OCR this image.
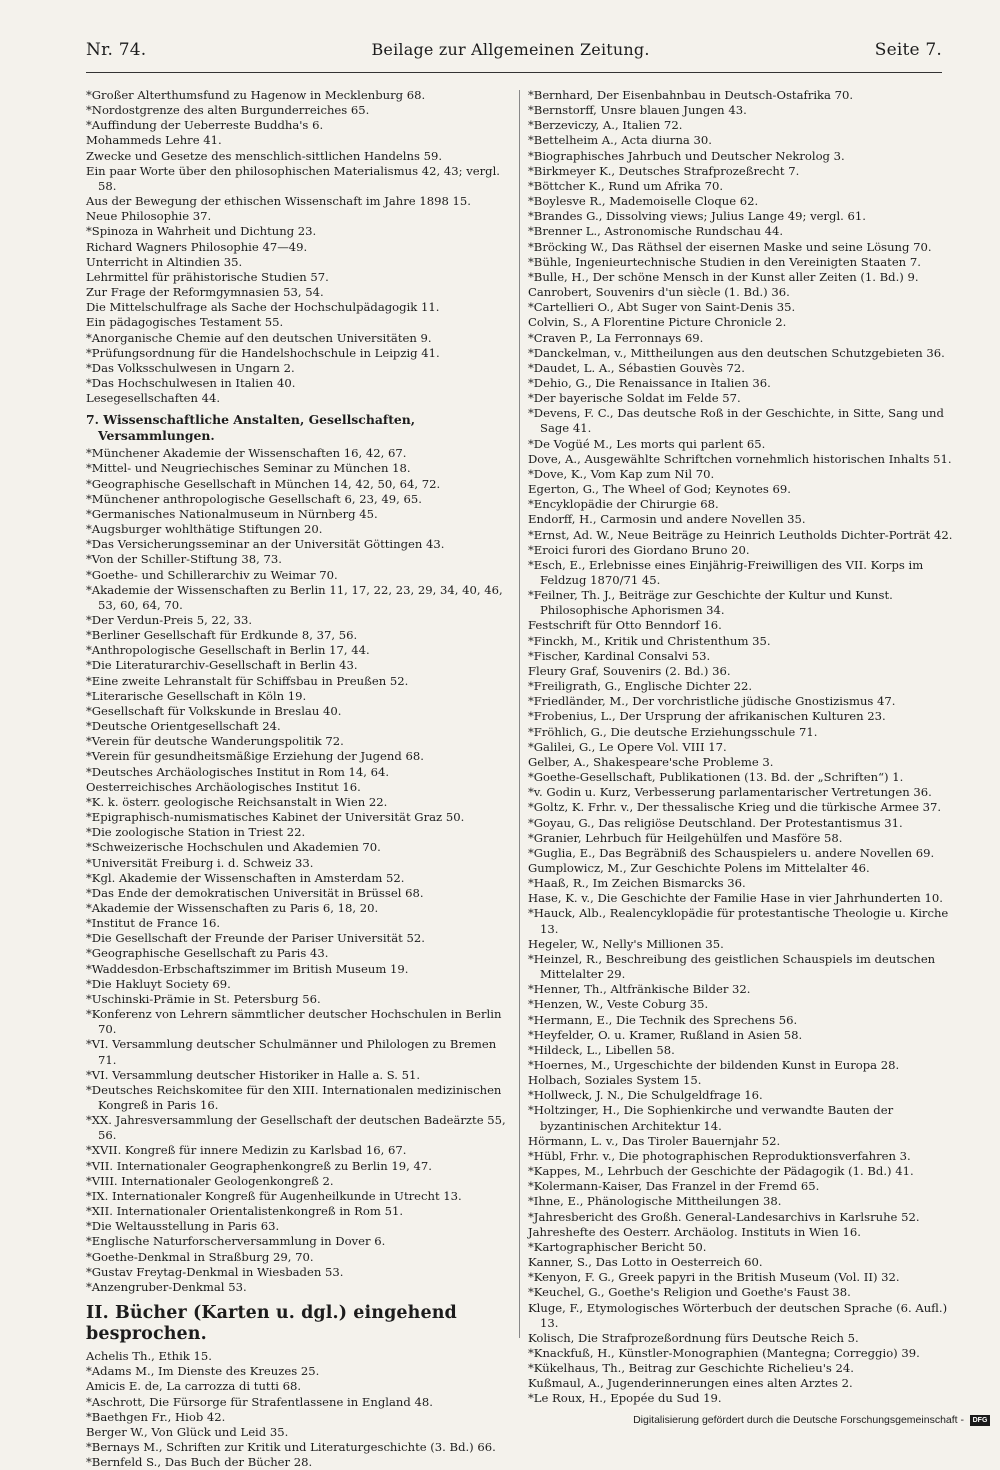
Nr. 74.	Beilage zur Allgemeinen Zeitung.	Seite 7.

*Großer Alterthumsfund zu Hagenow in Mecklenburg 68.

*Nordostgrenze des alten Burgunderreiches 65.

*Auffindung der Ueberreste Buddha's 6.

Mohammeds Lehre 41.

Zwecke und Gesetze des menschlich-sittlichen Handelns 59.

Ein paar Worte über den philosophischen Materialismus 42, 43; vergl. 58.

Aus der Bewegung der ethischen Wissenschaft im Jahre 1898 15.

Neue Philosophie 37.

*Spinoza in Wahrheit und Dichtung 23.

Richard Wagners Philosophie 47—49.

Unterricht in Altindien 35.

Lehrmittel für prähistorische Studien 57.

Zur Frage der Reformgymnasien 53, 54.

Die Mittelschulfrage als Sache der Hochschulpädagogik 11.

Ein pädagogisches Testament 55.

*Anorganische Chemie auf den deutschen Universitäten 9.

*Prüfungsordnung für die Handelshochschule in Leipzig 41.

*Das Volksschulwesen in Ungarn 2.

*Das Hochschulwesen in Italien 40.

Lesegesellschaften 44.

7. Wissenschaftliche Anstalten, Gesellschaften, Versammlungen.

*Münchener Akademie der Wissenschaften 16, 42, 67.

*Mittel- und Neugriechisches Seminar zu München 18.

*Geographische Gesellschaft in München 14, 42, 50, 64, 72.

*Münchener anthropologische Gesellschaft 6, 23, 49, 65.

*Germanisches Nationalmuseum in Nürnberg 45.

*Augsburger wohlthätige Stiftungen 20.

*Das Versicherungsseminar an der Universität Göttingen 43.

*Von der Schiller-Stiftung 38, 73.

*Goethe- und Schillerarchiv zu Weimar 70.

*Akademie der Wissenschaften zu Berlin 11, 17, 22, 23, 29, 34, 40, 46, 53, 60, 64, 70.

*Der Verdun-Preis 5, 22, 33.

*Berliner Gesellschaft für Erdkunde 8, 37, 56.

*Anthropologische Gesellschaft in Berlin 17, 44.

*Die Literaturarchiv-Gesellschaft in Berlin 43.

*Eine zweite Lehranstalt für Schiffsbau in Preußen 52.

*Literarische Gesellschaft in Köln 19.

*Gesellschaft für Volkskunde in Breslau 40.

*Deutsche Orientgesellschaft 24.

*Verein für deutsche Wanderungspolitik 72.

*Verein für gesundheitsmäßige Erziehung der Jugend 68.

*Deutsches Archäologisches Institut in Rom 14, 64.

Oesterreichisches Archäologisches Institut 16.

*K. k. österr. geologische Reichsanstalt in Wien 22.

*Epigraphisch-numismatisches Kabinet der Universität Graz 50.

*Die zoologische Station in Triest 22.

*Schweizerische Hochschulen und Akademien 70.

*Universität Freiburg i. d. Schweiz 33.

*Kgl. Akademie der Wissenschaften in Amsterdam 52.

*Das Ende der demokratischen Universität in Brüssel 68.

*Akademie der Wissenschaften zu Paris 6, 18, 20.

*Institut de France 16.

*Die Gesellschaft der Freunde der Pariser Universität 52.

*Geographische Gesellschaft zu Paris 43.

*Waddesdon-Erbschaftszimmer im British Museum 19.

*Die Hakluyt Society 69.

*Uschinski-Prämie in St. Petersburg 56.

*Konferenz von Lehrern sämmtlicher deutscher Hochschulen in Berlin 70.

*VI. Versammlung deutscher Schulmänner und Philologen zu Bremen 71.

*VI. Versammlung deutscher Historiker in Halle a. S. 51.

*Deutsches Reichskomitee für den XIII. Internationalen medizinischen Kongreß in Paris 16.

*XX. Jahresversammlung der Gesellschaft der deutschen Badeärzte 55, 56.

*XVII. Kongreß für innere Medizin zu Karlsbad 16, 67.

*VII. Internationaler Geographenkongreß zu Berlin 19, 47.

*VIII. Internationaler Geologenkongreß 2.

*IX. Internationaler Kongreß für Augenheilkunde in Utrecht 13.

*XII. Internationaler Orientalistenkongreß in Rom 51.

*Die Weltausstellung in Paris 63.

*Englische Naturforscherversammlung in Dover 6.

*Goethe-Denkmal in Straßburg 29, 70.

*Gustav Freytag-Denkmal in Wiesbaden 53.

*Anzengruber-Denkmal 53.

II. Bücher (Karten u. dgl.) eingehend besprochen.

Achelis Th., Ethik 15.

*Adams M., Im Dienste des Kreuzes 25.

Amicis E. de, La carrozza di tutti 68.

*Aschrott, Die Fürsorge für Strafentlassene in England 48.

*Baethgen Fr., Hiob 42.

Berger W., Von Glück und Leid 35.

*Bernays M., Schriften zur Kritik und Literaturgeschichte (3. Bd.) 66.

*Bernfeld S., Das Buch der Bücher 28.

*Bernhard, Der Eisenbahnbau in Deutsch-Ostafrika 70.

*Bernstorff, Unsre blauen Jungen 43.

*Berzeviczy, A., Italien 72.

*Bettelheim A., Acta diurna 30.

*Biographisches Jahrbuch und Deutscher Nekrolog 3.

*Birkmeyer K., Deutsches Strafprozeßrecht 7.

*Böttcher K., Rund um Afrika 70.

*Boylesve R., Mademoiselle Cloque 62.

*Brandes G., Dissolving views; Julius Lange 49; vergl. 61.

*Brenner L., Astronomische Rundschau 44.

*Bröcking W., Das Räthsel der eisernen Maske und seine Lösung 70.

*Bühle, Ingenieurtechnische Studien in den Vereinigten Staaten 7.

*Bulle, H., Der schöne Mensch in der Kunst aller Zeiten (1. Bd.) 9.

Canrobert, Souvenirs d'un siècle (1. Bd.) 36.

*Cartellieri O., Abt Suger von Saint-Denis 35.

Colvin, S., A Florentine Picture Chronicle 2.

*Craven P., La Ferronnays 69.

*Danckelman, v., Mittheilungen aus den deutschen Schutzgebieten 36.

*Daudet, L. A., Sébastien Gouvès 72.

*Dehio, G., Die Renaissance in Italien 36.

*Der bayerische Soldat im Felde 57.

*Devens, F. C., Das deutsche Roß in der Geschichte, in Sitte, Sang und Sage 41.

*De Vogüé M., Les morts qui parlent 65.

Dove, A., Ausgewählte Schriftchen vornehmlich historischen Inhalts 51.

*Dove, K., Vom Kap zum Nil 70.

Egerton, G., The Wheel of God; Keynotes 69.

*Encyklopädie der Chirurgie 68.

Endorff, H., Carmosin und andere Novellen 35.

*Ernst, Ad. W., Neue Beiträge zu Heinrich Leutholds Dichter-Porträt 42.

*Eroici furori des Giordano Bruno 20.

*Esch, E., Erlebnisse eines Einjährig-Freiwilligen des VII. Korps im Feldzug 1870/71 45.

*Feilner, Th. J., Beiträge zur Geschichte der Kultur und Kunst. Philosophische Aphorismen 34.

Festschrift für Otto Benndorf 16.

*Finckh, M., Kritik und Christenthum 35.

*Fischer, Kardinal Consalvi 53.

Fleury Graf, Souvenirs (2. Bd.) 36.

*Freiligrath, G., Englische Dichter 22.

*Friedländer, M., Der vorchristliche jüdische Gnostizismus 47.

*Frobenius, L., Der Ursprung der afrikanischen Kulturen 23.

*Fröhlich, G., Die deutsche Erziehungsschule 71.

*Galilei, G., Le Opere Vol. VIII 17.

Gelber, A., Shakespeare'sche Probleme 3.

*Goethe-Gesellschaft, Publikationen (13. Bd. der „Schriften“) 1.

*v. Godin u. Kurz, Verbesserung parlamentarischer Vertretungen 36.

*Goltz, K. Frhr. v., Der thessalische Krieg und die türkische Armee 37.

*Goyau, G., Das religiöse Deutschland. Der Protestantismus 31.

*Granier, Lehrbuch für Heilgehülfen und Masföre 58.

*Guglia, E., Das Begräbniß des Schauspielers u. andere Novellen 69.

Gumplowicz, M., Zur Geschichte Polens im Mittelalter 46.

*Haaß, R., Im Zeichen Bismarcks 36.

Hase, K. v., Die Geschichte der Familie Hase in vier Jahrhunderten 10.

*Hauck, Alb., Realencyklopädie für protestantische Theologie u. Kirche 13.

Hegeler, W., Nelly's Millionen 35.

*Heinzel, R., Beschreibung des geistlichen Schauspiels im deutschen Mittelalter 29.

*Henner, Th., Altfränkische Bilder 32.

*Henzen, W., Veste Coburg 35.

*Hermann, E., Die Technik des Sprechens 56.

*Heyfelder, O. u. Kramer, Rußland in Asien 58.

*Hildeck, L., Libellen 58.

*Hoernes, M., Urgeschichte der bildenden Kunst in Europa 28.

Holbach, Soziales System 15.

*Hollweck, J. N., Die Schulgeldfrage 16.

*Holtzinger, H., Die Sophienkirche und verwandte Bauten der byzantinischen Architektur 14.

Hörmann, L. v., Das Tiroler Bauernjahr 52.

*Hübl, Frhr. v., Die photographischen Reproduktionsverfahren 3.

*Kappes, M., Lehrbuch der Geschichte der Pädagogik (1. Bd.) 41.

*Kolermann-Kaiser, Das Franzel in der Fremd 65.

*Ihne, E., Phänologische Mittheilungen 38.

*Jahresbericht des Großh. General-Landesarchivs in Karlsruhe 52.

Jahreshefte des Oesterr. Archäolog. Instituts in Wien 16.

*Kartographischer Bericht 50.

Kanner, S., Das Lotto in Oesterreich 60.

*Kenyon, F. G., Greek papyri in the British Museum (Vol. II) 32.

*Keuchel, G., Goethe's Religion und Goethe's Faust 38.

Kluge, F., Etymologisches Wörterbuch der deutschen Sprache (6. Aufl.) 13.

Kolisch, Die Strafprozeßordnung fürs Deutsche Reich 5.

*Knackfuß, H., Künstler-Monographien (Mantegna; Correggio) 39.

*Kükelhaus, Th., Beitrag zur Geschichte Richelieu's 24.

Kußmaul, A., Jugenderinnerungen eines alten Arztes 2.

*Le Roux, H., Epopée du Sud 19.

Digitalisierung gefördert durch die Deutsche Forschungsgemeinschaft -	DFG
